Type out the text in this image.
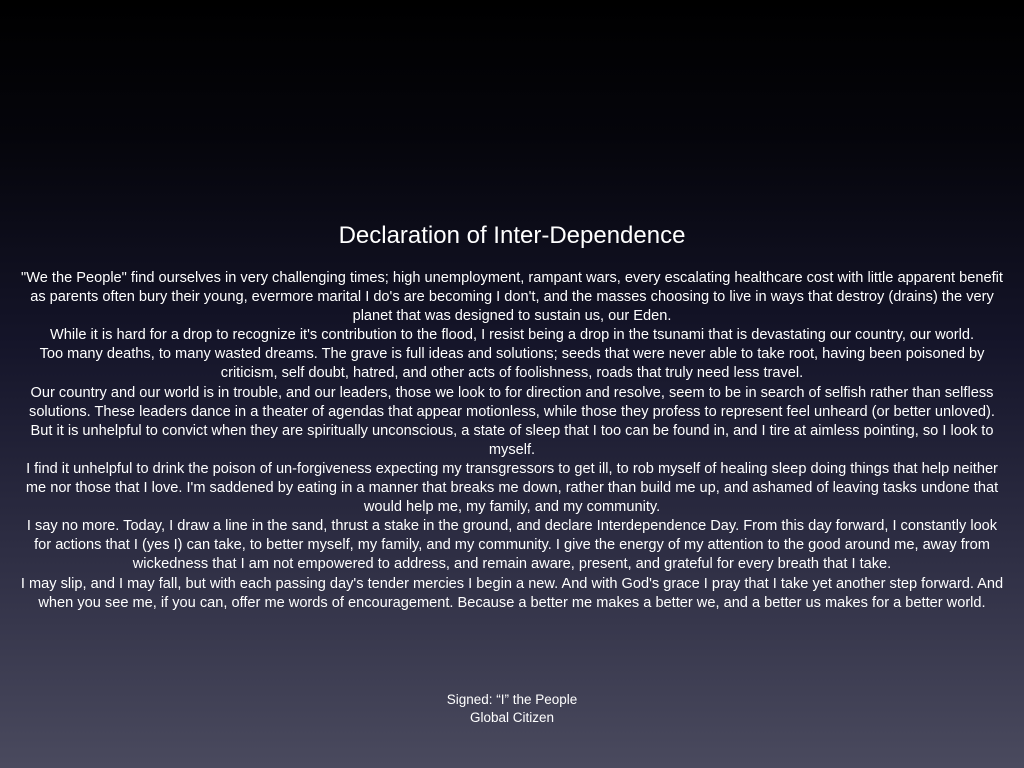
Declaration of Inter-Dependence

"We the People" find ourselves in very challenging times; high unemployment, rampant wars, every escalating healthcare cost with little apparent benefit as parents often bury their young, evermore marital I do's are becoming I don't, and the masses choosing to live in ways that destroy (drains) the very planet that was designed to sustain us, our Eden.

While it is hard for a drop to recognize it's contribution to the flood, I resist being a drop in the tsunami that is devastating our country, our world.

Too many deaths, to many wasted dreams. The grave is full ideas and solutions; seeds that were never able to take root, having been poisoned by criticism, self doubt, hatred, and other acts of foolishness, roads that truly need less travel.

Our country and our world is in trouble, and our leaders, those we look to for direction and resolve, seem to be in search of selfish rather than selfless solutions. These leaders dance in a theater of agendas that appear motionless, while those they profess to represent feel unheard (or better unloved). But it is unhelpful to convict when they are spiritually unconscious, a state of sleep that I too can be found in, and I tire at aimless pointing, so I look to myself.

I find it unhelpful to drink the poison of un-forgiveness expecting my transgressors to get ill, to rob myself of healing sleep doing things that help neither me nor those that I love. I'm saddened by eating in a manner that breaks me down, rather than build me up, and ashamed of leaving tasks undone that would help me, my family, and my community.

I say no more. Today, I draw a line in the sand, thrust a stake in the ground, and declare Interdependence Day. From this day forward, I constantly look for actions that I (yes I) can take, to better myself, my family, and my community. I give the energy of my attention to the good around me, away from wickedness that I am not empowered to address, and remain aware, present, and grateful for every breath that I take.

I may slip, and I may fall, but with each passing day's tender mercies I begin a new. And with God's grace I pray that I take yet another step forward. And when you see me, if you can, offer me words of encouragement. Because a better me makes a better we, and a better us makes for a better world.

Signed: “I” the People
Global Citizen
